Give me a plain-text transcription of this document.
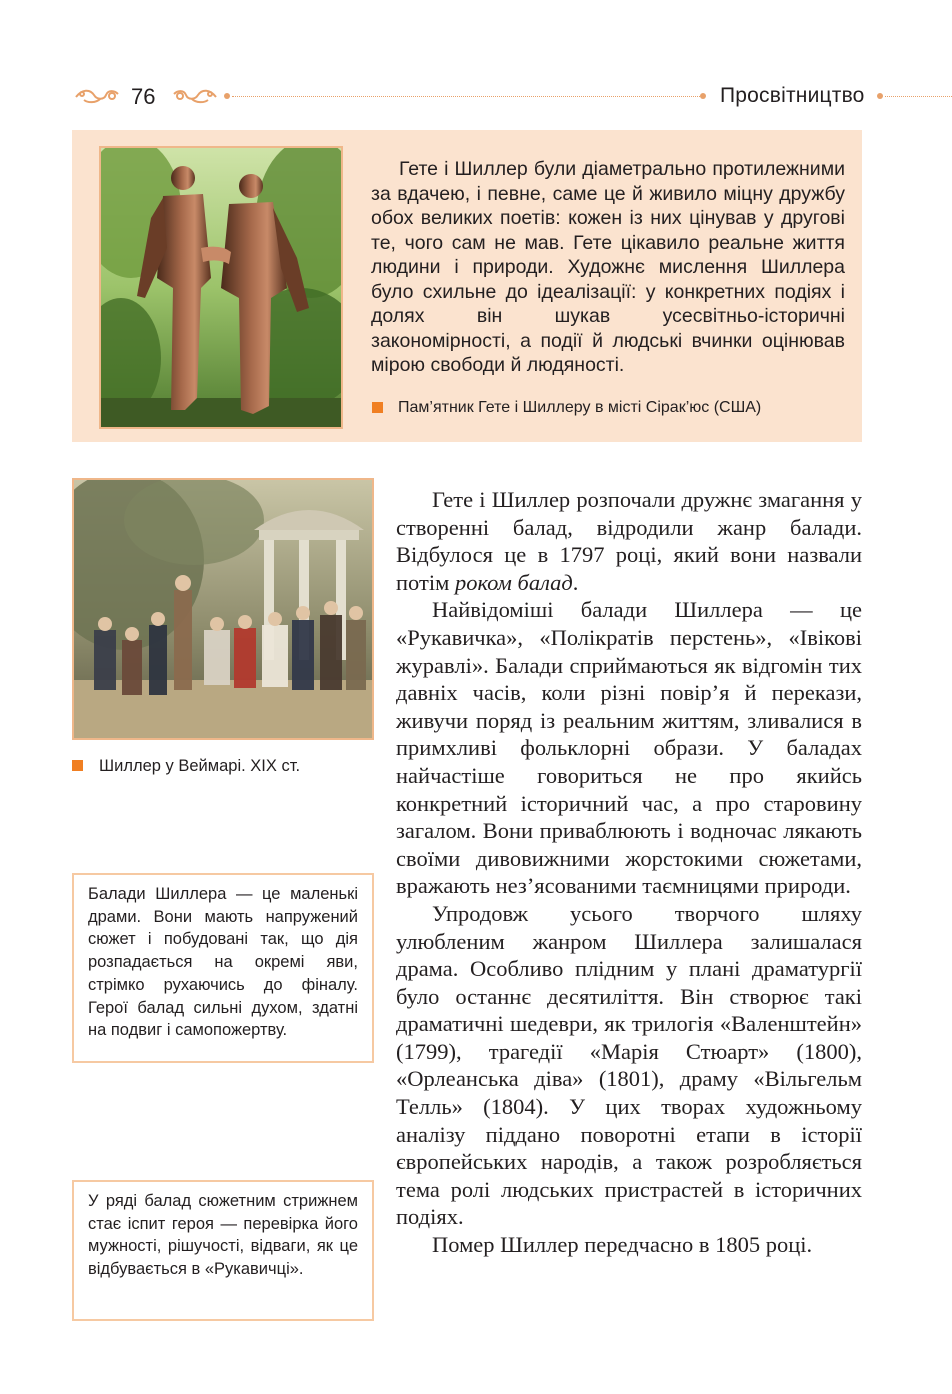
76	Просвітництво
Гете і Шиллер були діаметрально протилежними за вдачею, і певне, саме це й живило міцну дружбу обох великих поетів: кожен із них цінував у другові те, чого сам не мав. Гете цікавило реальне життя людини і природи. Художнє мислення Шиллера було схильне до ідеалізації: у конкретних подіях і долях він шукав усесвітньо-історичні закономірності, а події й людські вчинки оцінював мірою свободи й людяності.
Пам’ятник Гете і Шиллеру в місті Сірак’юс (США)
Шиллер у Веймарі. XIX ст.

Гете і Шиллер розпочали дружнє змагання у створенні балад, відродили жанр балади. Відбулося це в 1797 році, який вони назвали потім роком балад.

Найвідоміші балади Шиллера — це «Рукавичка», «Полікратів перстень», «Івікові журавлі». Балади сприймаються як відгомін тих давніх часів, коли різні повір’я й перекази, живучи поряд із реальним життям, зливалися в примхливі фольклорні образи. У баладах найчастіше говориться не про якийсь конкретний історичний час, а про старовину загалом. Вони приваблюють і водночас лякають своїми дивовижними жорстокими сюжетами, вражають нез’ясованими таємницями природи.

Упродовж усього творчого шляху улюбленим жанром Шиллера залишалася драма. Особливо плідним у плані драматургії було останнє десятиліття. Він створює такі драматичні шедеври, як трилогія «Валенштейн» (1799), трагедії «Марія Стюарт» (1800), «Орлеанська діва» (1801), драму «Вільгельм Телль» (1804). У цих творах художньому аналізу піддано поворотні етапи в історії європейських народів, а також розробляється тема ролі людських пристрастей в історичних подіях.

Помер Шиллер передчасно в 1805 році.

Балади Шиллера — це маленькі драми. Вони мають напружений сюжет і побудовані так, що дія розпадається на окремі яви, стрімко рухаючись до фіналу. Герої балад сильні духом, здатні на подвиг і самопожертву.
У ряді балад сюжетним стрижнем стає іспит героя — перевірка його мужності, рішучості, відваги, як це відбувається в «Рукавичці».
